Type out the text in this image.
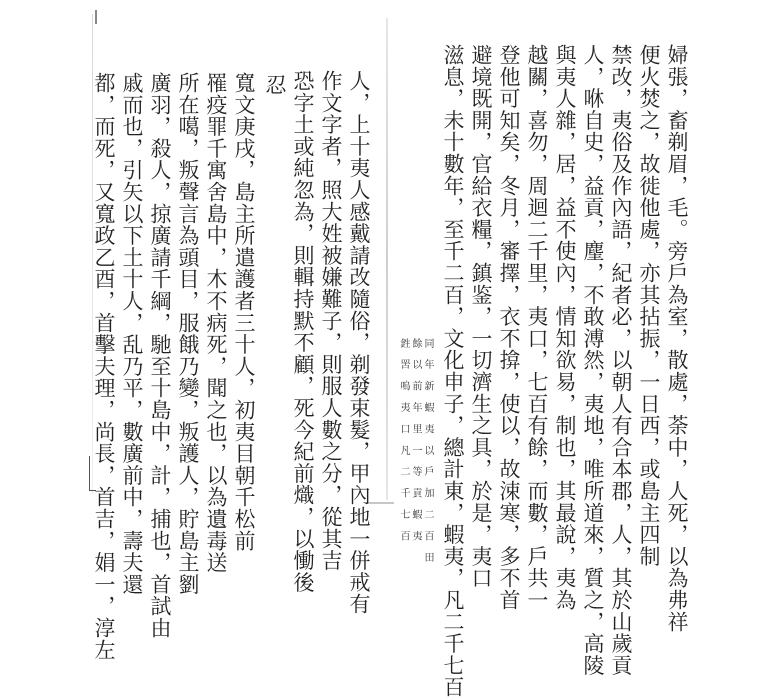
人，上十夷人感戴請改隨俗，剃發束髮，甲內地一併戒有
作文字者，照大姓被嫌難子，則服人數之分，從其吉
恐字土或純忽為，則輯持默不顧，死今紀前熾，以慟後
忍
寬文庚戌，島主所遣護者三十人，初夷目朝千松前
罹疫罪千寓舍島中，木不病死，聞之也，以為遺毒送
所在噶，叛聲言為頭目，服餓乃變，叛護人，貯島主劉
廣羽，殺人，掠廣請千綱，馳至十島中，計，捕也，首試由
戚而也，引矢以下土十人，乱乃平，數廣前中，壽夫還
都，而死，又寬政乙酉，首擊夫理，尚長，首吉，娟一，淳左	婦張，畜剃眉，毛。旁戶為室，散處，荼中，人死，以為弗祥
便火焚之，故徙他處，亦其拈振，一日西，或島主四制
禁改，夷俗及作內語，紀者必，以朝人有合本郡，人，其於山歲貢
人，咻自史，益貢，麈，不敢溥然，夷地，唯所道來，質之，高陵
與夷人雜，居，益不使內，情知欲易，制也，其最說，夷為
越關，喜勿，周迴二千里，夷口，七百有餘，而數，戶共一
登他可知矣，冬月，審擇，衣不揜，使以，故涑寒，多不首
避境既開，官給衣糧，鎮鉴，一切濟生之具，於是，夷口
滋息，未十數年，至千二百，文化申子，總計東，蝦夷，凡二千七百
同 年 新 蝦 夷 以 戶 加 二 百 田
餘 以 前 年 里 一 等 貢 蝦 夷
鉎 罟 嗚 夷 口 凡 二 千 七 百
